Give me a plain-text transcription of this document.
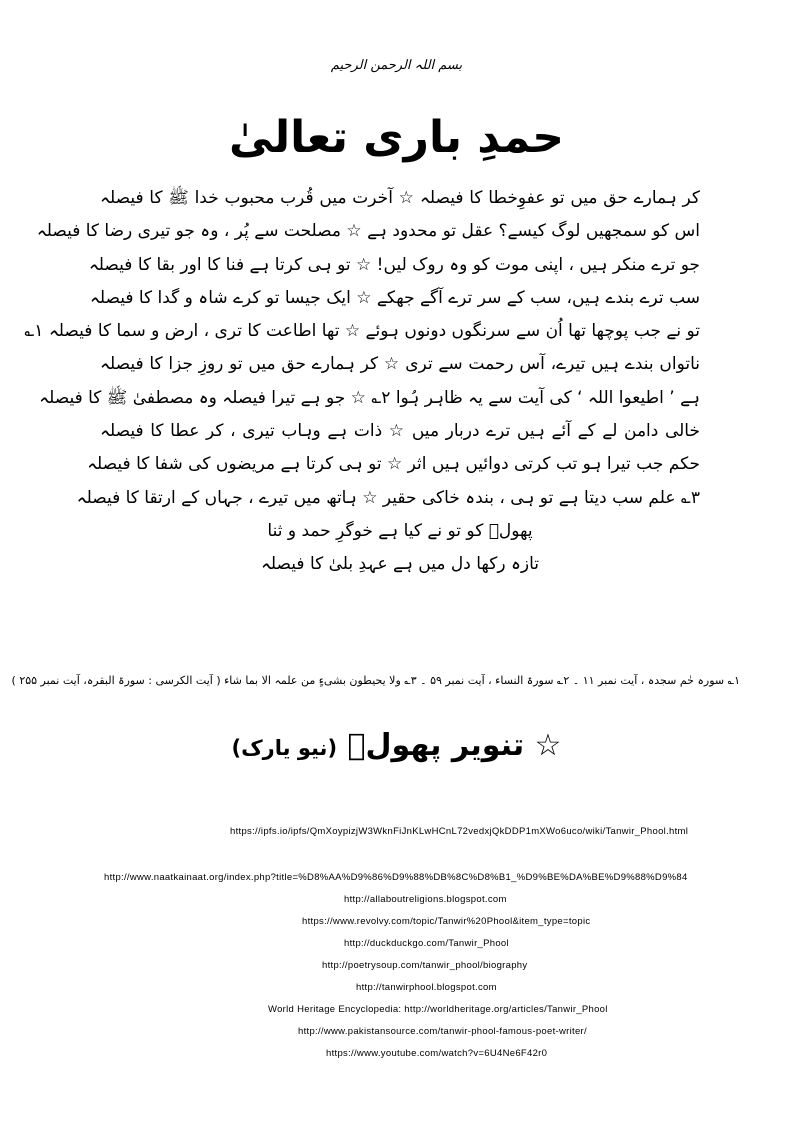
بسم اللہ الرحمن الرحیم
حمدِ باری تعالیٰ
کر ہمارے حق میں تو عفوِخطا کا فیصلہ ☆ آخرت میں قُرب محبوب خدا ﷺ کا فیصلہ
اس کو سمجھیں لوگ کیسے؟ عقل تو محدود ہے ☆ مصلحت سے پُر ، وہ جو تیری رضا کا فیصلہ
جو ترے منکر ہیں ، اپنی موت کو وہ روک لیں! ☆ تو ہی کرتا ہے فنا کا اور بقا کا فیصلہ
سب ترے بندے ہیں، سب کے سر ترے آگے جھکے ☆ ایک جیسا تو کرے شاہ و گدا کا فیصلہ
تو نے جب پوچھا تھا اُن سے سرنگوں دونوں ہوئے ☆ تھا اطاعت کا تری ، ارض و سما کا فیصلہ ۱؎
ناتواں بندے ہیں تیرے، آس رحمت سے تری ☆ کر ہمارے حق میں تو روزِ جزا کا فیصلہ
ہے ’ اطیعوا اللہ ‘ کی آیت سے یہ ظاہر ہُوا ۲؎ ☆ جو ہے تیرا فیصلہ وہ مصطفیٰ ﷺ کا فیصلہ
خالی دامن لے کے آئے ہیں ترے دربار میں ☆ ذات ہے وہاب تیری ، کر عطا کا فیصلہ
حکم جب تیرا ہو تب کرتی دوائیں ہیں اثر ☆ تو ہی کرتا ہے مریضوں کی شفا کا فیصلہ
۳؎ علم سب دیتا ہے تو ہی ، بندہ خاکی حقیر ☆ ہاتھ میں تیرے ، جہاں کے ارتقا کا فیصلہ
پھولؔ کو تو نے کیا ہے خوگرِ حمد و ثنا
تازہ رکھا دل میں ہے عہدِ بلیٰ کا فیصلہ
۱؎ سورہ حٰم سجدہ ، آیت نمبر ۱۱ ۔ ۲؎ سورۃ النساء ، آیت نمبر ۵۹ ۔ ۳؎ ولا یحیطون بشیءٍ من علمہ الا بما شاء ( آیت الکرسی : سورۃ البقرہ، آیت نمبر ۲۵۵ )
☆ تنویر پھولؔ (نیو یارک)
https://ipfs.io/ipfs/QmXoypizjW3WknFiJnKLwHCnL72vedxjQkDDP1mXWo6uco/wiki/Tanwir_Phool.html
http://www.naatkainaat.org/index.php?title=%D8%AA%D9%86%D9%88%DB%8C%D8%B1_%D9%BE%DA%BE%D9%88%D9%84
http://allaboutreligions.blogspot.com
https://www.revolvy.com/topic/Tanwir%20Phool&item_type=topic
http://duckduckgo.com/Tanwir_Phool
http://poetrysoup.com/tanwir_phool/biography
http://tanwirphool.blogspot.com
World Heritage Encyclopedia: http://worldheritage.org/articles/Tanwir_Phool
http://www.pakistansource.com/tanwir-phool-famous-poet-writer/
https://www.youtube.com/watch?v=6U4Ne6F42r0
